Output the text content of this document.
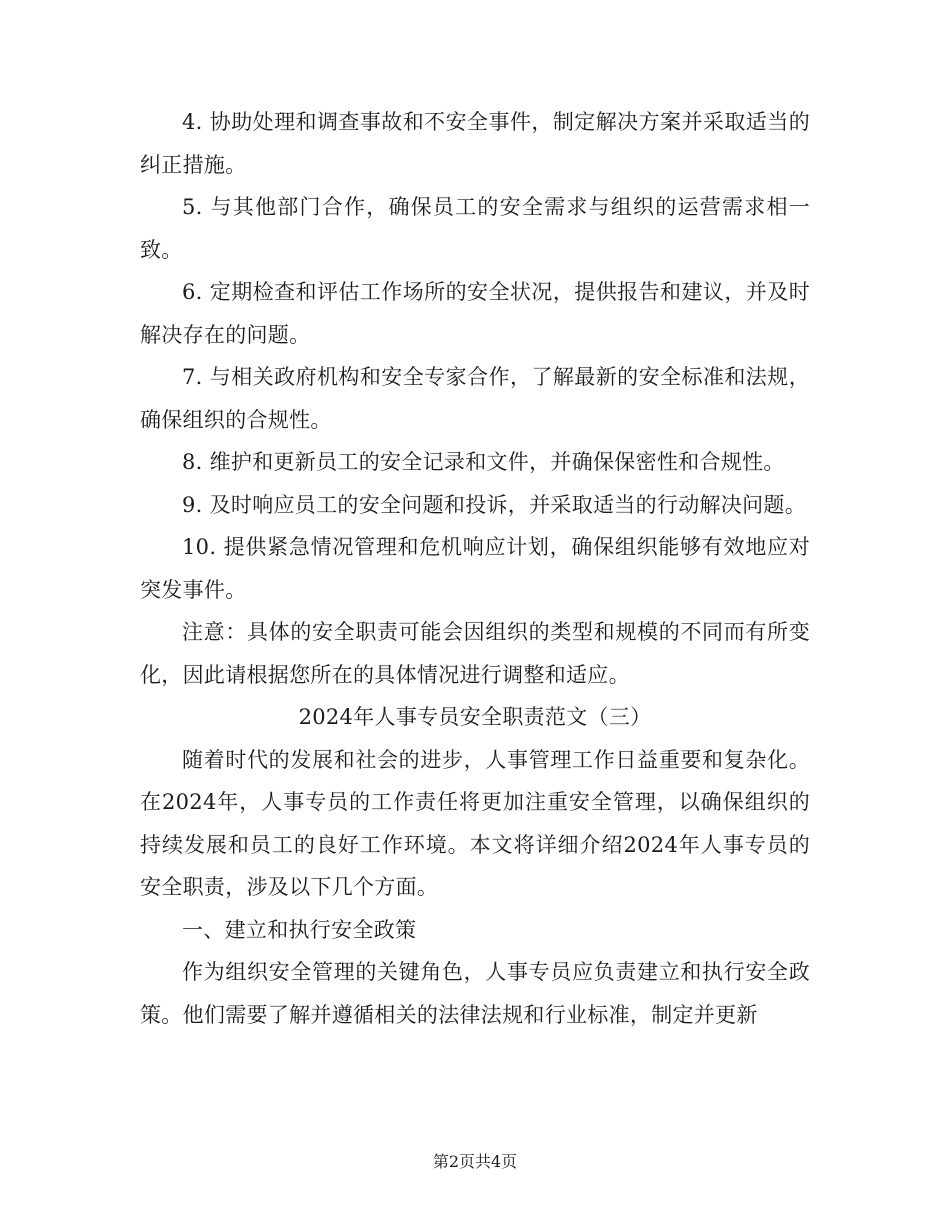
4. 协助处理和调查事故和不安全事件，制定解决方案并采取适当的纠正措施。

5. 与其他部门合作，确保员工的安全需求与组织的运营需求相一致。

6. 定期检查和评估工作场所的安全状况，提供报告和建议，并及时解决存在的问题。

7. 与相关政府机构和安全专家合作，了解最新的安全标准和法规，确保组织的合规性。

8. 维护和更新员工的安全记录和文件，并确保保密性和合规性。

9. 及时响应员工的安全问题和投诉，并采取适当的行动解决问题。

10. 提供紧急情况管理和危机响应计划，确保组织能够有效地应对突发事件。

注意：具体的安全职责可能会因组织的类型和规模的不同而有所变化，因此请根据您所在的具体情况进行调整和适应。

2024年人事专员安全职责范文（三）

随着时代的发展和社会的进步，人事管理工作日益重要和复杂化。在2024年，人事专员的工作责任将更加注重安全管理，以确保组织的持续发展和员工的良好工作环境。本文将详细介绍2024年人事专员的安全职责，涉及以下几个方面。

一、建立和执行安全政策

作为组织安全管理的关键角色，人事专员应负责建立和执行安全政策。他们需要了解并遵循相关的法律法规和行业标准，制定并更新

第2页共4页
